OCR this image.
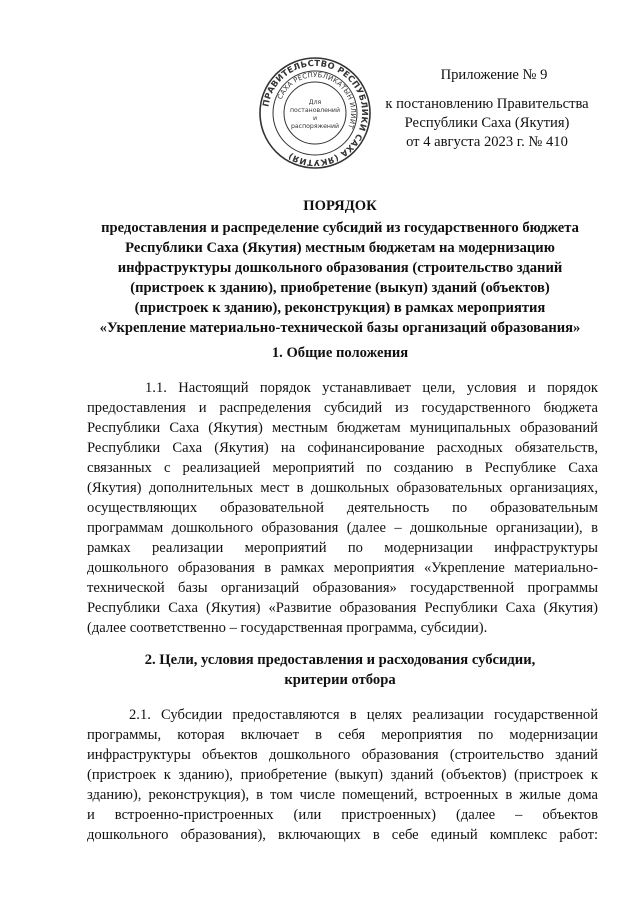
Приложение № 9
к постановлению Правительства
Республики Саха (Якутия)
от 4 августа 2023 г. № 410
ПРАВИТЕЛЬСТВО РЕСПУБЛИКИ САХА (ЯКУТИЯ)
САХА РЕСПУБЛИКАТЫН ИЛИИТ
Для
постановлений
и
распоряжений
ПОРЯДОК
предоставления и распределение субсидий из государственного бюджета
Республики Саха (Якутия) местным бюджетам на модернизацию
инфраструктуры дошкольного образования (строительство зданий
(пристроек к зданию), приобретение (выкуп) зданий (объектов)
(пристроек к зданию), реконструкция) в рамках мероприятия
«Укрепление материально-технической базы организаций образования»
1. Общие положения
1.1. Настоящий порядок устанавливает цели, условия и порядок
предоставления и распределения субсидий из государственного бюджета
Республики Саха (Якутия) местным бюджетам муниципальных образований
Республики Саха (Якутия) на софинансирование расходных обязательств,
связанных с реализацией мероприятий по созданию в Республике Саха
(Якутия) дополнительных мест в дошкольных образовательных организациях,
осуществляющих образовательной деятельность по образовательным
программам дошкольного образования (далее – дошкольные организации), в
рамках реализации мероприятий по модернизации инфраструктуры
дошкольного образования в рамках мероприятия «Укрепление материально-
технической базы организаций образования» государственной программы
Республики Саха (Якутия) «Развитие образования Республики Саха (Якутия)
(далее соответственно – государственная программа, субсидии).
2. Цели, условия предоставления и расходования субсидии,
критерии отбора
2.1. Субсидии предоставляются в целях реализации государственной
программы, которая включает в себя мероприятия по модернизации
инфраструктуры объектов дошкольного образования (строительство зданий
(пристроек к зданию), приобретение (выкуп) зданий (объектов) (пристроек к
зданию), реконструкция), в том числе помещений, встроенных в жилые дома
и встроенно-пристроенных (или пристроенных) (далее – объектов
дошкольного образования), включающих в себе единый комплекс работ:
